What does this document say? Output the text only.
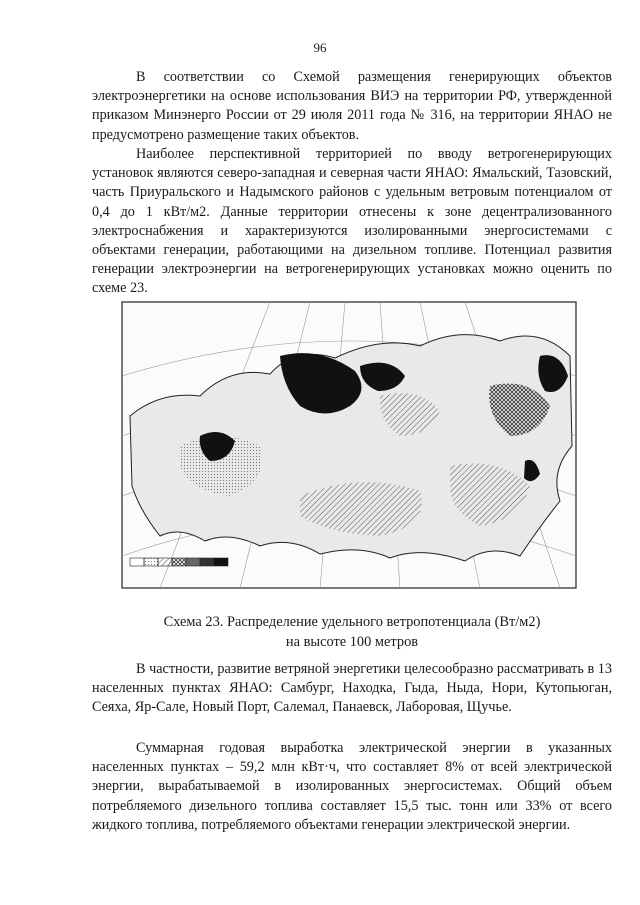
96

В соответствии со Схемой размещения генерирующих объектов электроэнергетики на основе использования ВИЭ на территории РФ, утвержденной приказом Минэнерго России от 29 июля 2011 года № 316, на территории ЯНАО не предусмотрено размещение таких объектов.

Наиболее перспективной территорией по вводу ветрогенерирующих установок являются северо-западная и северная части ЯНАО: Ямальский, Тазовский, часть Приуральского и Надымского районов с удельным ветровым потенциалом от 0,4 до 1 кВт/м2. Данные территории отнесены к зоне децентрализованного электроснабжения и характеризуются изолированными энергосистемами с объектами генерации, работающими на дизельном топливе. Потенциал развития генерации электроэнергии на ветрогенерирующих установках можно оценить по схеме 23.

Схема 23. Распределение удельного ветропотенциала (Вт/м2)
на высоте 100 метров

В частности, развитие ветряной энергетики целесообразно рассматривать в 13 населенных пунктах ЯНАО: Самбург, Находка, Гыда, Ныда, Нори, Кутопьюган, Сеяха, Яр-Сале, Новый Порт, Салемал, Панаевск, Лаборовая, Щучье.

Суммарная годовая выработка электрической энергии в указанных населенных пунктах – 59,2 млн кВт·ч, что составляет 8% от всей электрической энергии, вырабатываемой в изолированных энергосистемах. Общий объем потребляемого дизельного топлива составляет 15,5 тыс. тонн или 33% от всего жидкого топлива, потребляемого объектами генерации электрической энергии.
